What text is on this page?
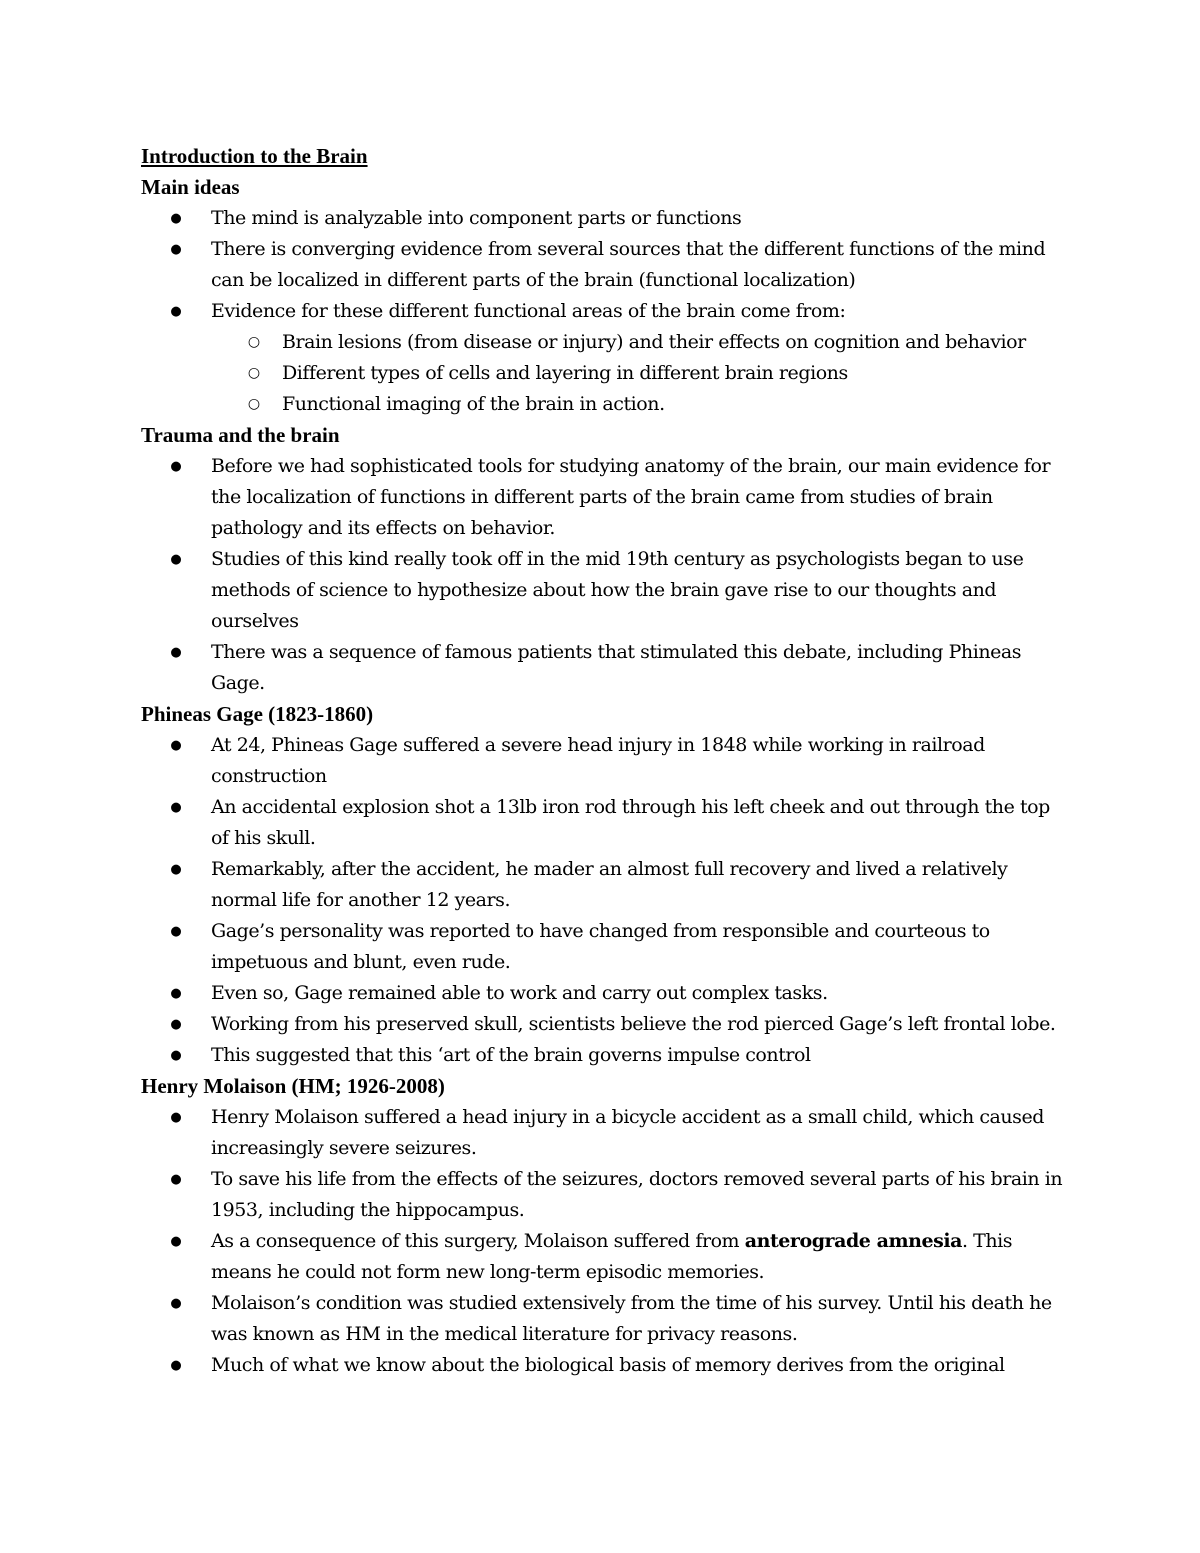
Introduction to the Brain
Main ideas
● The mind is analyzable into component parts or functions
● There is converging evidence from several sources that the different functions of the mind can be localized in different parts of the brain (functional localization)
● Evidence for these different functional areas of the brain come from:
○ Brain lesions (from disease or injury) and their effects on cognition and behavior
○ Different types of cells and layering in different brain regions
○ Functional imaging of the brain in action.
Trauma and the brain
● Before we had sophisticated tools for studying anatomy of the brain, our main evidence for the localization of functions in different parts of the brain came from studies of brain pathology and its effects on behavior.
● Studies of this kind really took off in the mid 19th century as psychologists began to use methods of science to hypothesize about how the brain gave rise to our thoughts and ourselves
● There was a sequence of famous patients that stimulated this debate, including Phineas Gage.
Phineas Gage (1823-1860)
● At 24, Phineas Gage suffered a severe head injury in 1848 while working in railroad construction
● An accidental explosion shot a 13lb iron rod through his left cheek and out through the top of his skull.
● Remarkably, after the accident, he mader an almost full recovery and lived a relatively normal life for another 12 years.
● Gage’s personality was reported to have changed from responsible and courteous to impetuous and blunt, even rude.
● Even so, Gage remained able to work and carry out complex tasks.
● Working from his preserved skull, scientists believe the rod pierced Gage’s left frontal lobe.
● This suggested that this ‘art of the brain governs impulse control
Henry Molaison (HM; 1926-2008)
● Henry Molaison suffered a head injury in a bicycle accident as a small child, which caused increasingly severe seizures.
● To save his life from the effects of the seizures, doctors removed several parts of his brain in 1953, including the hippocampus.
● As a consequence of this surgery, Molaison suffered from anterograde amnesia. This means he could not form new long-term episodic memories.
● Molaison’s condition was studied extensively from the time of his survey. Until his death he was known as HM in the medical literature for privacy reasons.
● Much of what we know about the biological basis of memory derives from the original
